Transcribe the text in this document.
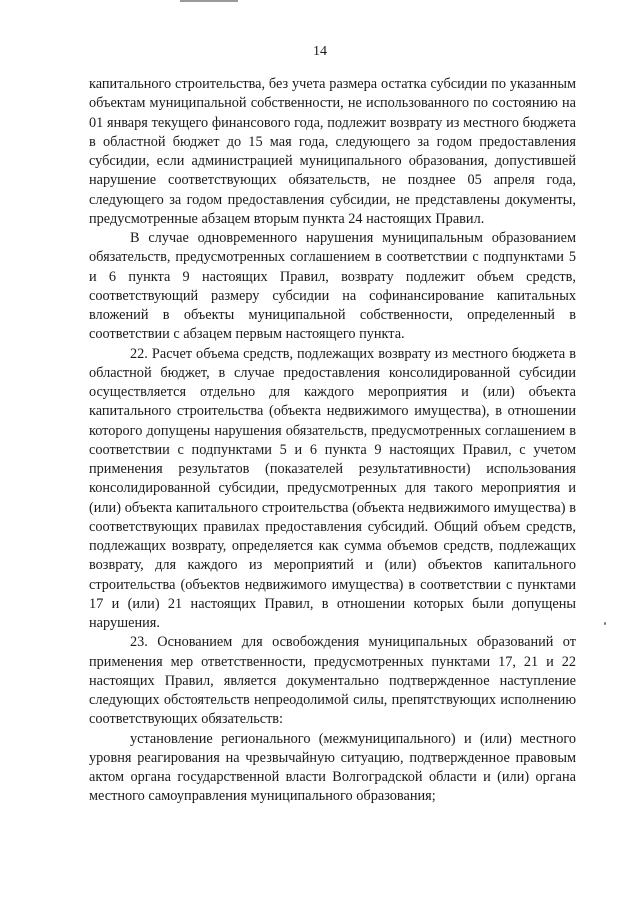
14

капитального строительства, без учета размера остатка субсидии по указанным объектам муниципальной собственности, не использованного по состоянию на 01 января текущего финансового года, подлежит возврату из местного бюджета в областной бюджет до 15 мая года, следующего за годом предоставления субсидии, если администрацией муниципального образования, допустившей нарушение соответствующих обязательств, не позднее 05 апреля года, следующего за годом предоставления субсидии, не представлены документы, предусмотренные абзацем вторым пункта 24 настоящих Правил.

В случае одновременного нарушения муниципальным образованием обязательств, предусмотренных соглашением в соответствии с подпунктами 5 и 6 пункта 9 настоящих Правил, возврату подлежит объем средств, соответствующий размеру субсидии на софинансирование капитальных вложений в объекты муниципальной собственности, определенный в соответствии с абзацем первым настоящего пункта.

22. Расчет объема средств, подлежащих возврату из местного бюджета в областной бюджет, в случае предоставления консолидированной субсидии осуществляется отдельно для каждого мероприятия и (или) объекта капитального строительства (объекта недвижимого имущества), в отношении которого допущены нарушения обязательств, предусмотренных соглашением в соответствии с подпунктами 5 и 6 пункта 9 настоящих Правил, с учетом применения результатов (показателей результативности) использования консолидированной субсидии, предусмотренных для такого мероприятия и (или) объекта капитального строительства (объекта недвижимого имущества) в соответствующих правилах предоставления субсидий. Общий объем средств, подлежащих возврату, определяется как сумма объемов средств, подлежащих возврату, для каждого из мероприятий и (или) объектов капитального строительства (объектов недвижимого имущества) в соответствии с пунктами 17 и (или) 21 настоящих Правил, в отношении которых были допущены нарушения.

23. Основанием для освобождения муниципальных образований от применения мер ответственности, предусмотренных пунктами 17, 21 и 22 настоящих Правил, является документально подтвержденное наступление следующих обстоятельств непреодолимой силы, препятствующих исполнению соответствующих обязательств:

установление регионального (межмуниципального) и (или) местного уровня реагирования на чрезвычайную ситуацию, подтвержденное правовым актом органа государственной власти Волгоградской области и (или) органа местного самоуправления муниципального образования;
